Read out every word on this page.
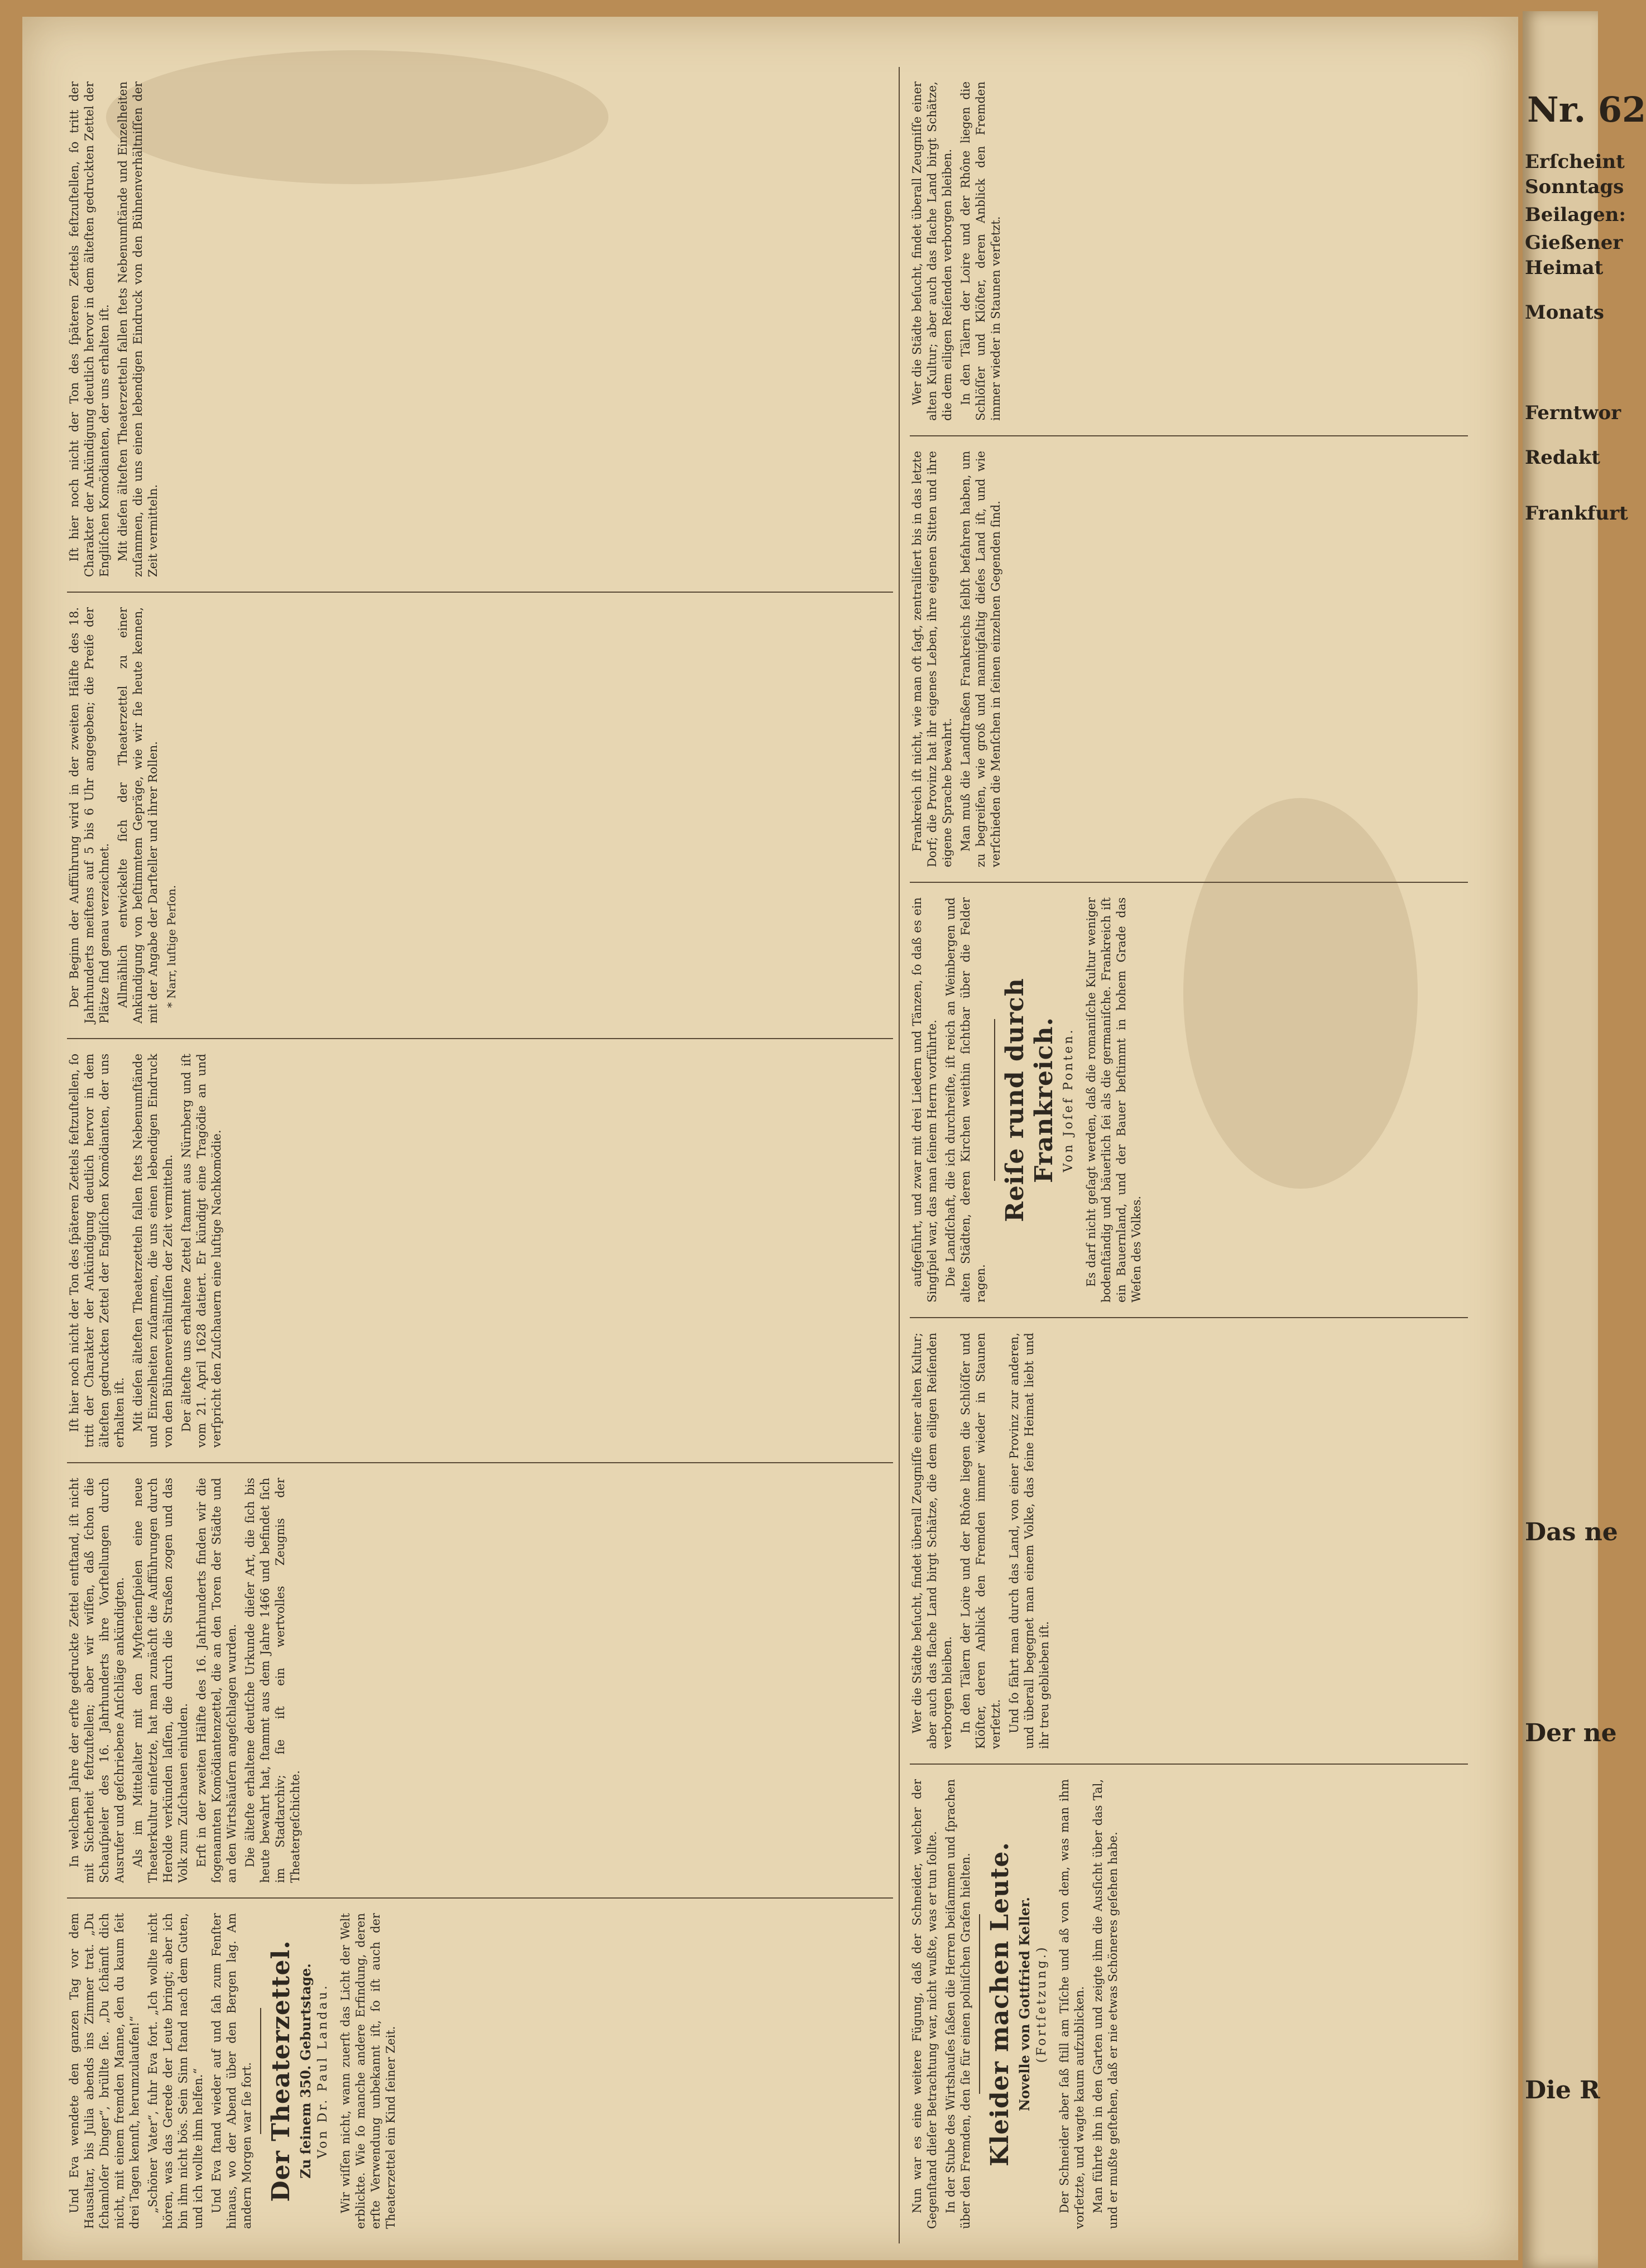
Nr. 62
Erſcheint
Sonntags
Beilagen:
Gießener
Heimat
Monats
Ferntwor
Redakt
Frankfurt
Das ne
Der ne
Die R

Und Eva wendete den ganzen Tag vor dem Hausaltar, bis Julia abends ins Zimmer trat. „Du ſchamloſer Dinger“, brüllte ſie. „Du ſchämſt dich nicht, mit einem fremden Manne, den du kaum ſeit drei Tagen kennſt, herumzulaufen!“ „Schöner Vater“, fuhr Eva fort. „Ich wollte nicht hören, was das Gerede der Leute bringt; aber ich bin ihm nicht bös. Sein Sinn ſtand nach dem Guten, und ich wollte ihm helfen.“ Und Eva ſtand wieder auf und ſah zum Fenſter hinaus, wo der Abend über den Bergen lag. Am andern Morgen war ſie fort. Der Theaterzettel. Zu ſeinem 350. Geburtstage. Von Dr. Paul Landau. Wir wiſſen nicht, wann zuerſt das Licht der Welt erblickte. Wie ſo manche andere Erfindung, deren erſte Verwendung unbekannt iſt, ſo iſt auch der Theaterzettel ein Kind ſeiner Zeit.

In welchem Jahre der erſte gedruckte Zettel entſtand, iſt nicht mit Sicherheit feſtzuſtellen; aber wir wiſſen, daß ſchon die Schauſpieler des 16. Jahrhunderts ihre Vorſtellungen durch Ausrufer und geſchriebene Anſchläge ankündigten. Als im Mittelalter mit den Myſterienſpielen eine neue Theaterkultur einſetzte, hat man zunächſt die Aufführungen durch Herolde verkünden laſſen, die durch die Straßen zogen und das Volk zum Zuſchauen einluden. Erſt in der zweiten Hälfte des 16. Jahrhunderts finden wir die ſogenannten Komödiantenzettel, die an den Toren der Städte und an den Wirtshäuſern angeſchlagen wurden. Die älteſte erhaltene deutſche Urkunde dieſer Art, die ſich bis heute bewahrt hat, ſtammt aus dem Jahre 1466 und befindet ſich im Stadtarchiv; ſie iſt ein wertvolles Zeugnis der Theatergeſchichte.

Iſt hier noch nicht der Ton des ſpäteren Zettels feſtzuſtellen, ſo tritt der Charakter der Ankündigung deutlich hervor in dem älteſten gedruckten Zettel der Engliſchen Komödianten, der uns erhalten iſt. Mit dieſen älteſten Theaterzetteln fallen ſtets Nebenumſtände und Einzelheiten zuſammen, die uns einen lebendigen Eindruck von den Bühnenverhältniſſen der Zeit vermitteln. Der älteſte uns erhaltene Zettel ſtammt aus Nürnberg und iſt vom 21. April 1628 datiert. Er kündigt eine Tragödie an und verſpricht den Zuſchauern eine luſtige Nachkomödie.

Der Beginn der Aufführung wird in der zweiten Hälfte des 18. Jahrhunderts meiſtens auf 5 bis 6 Uhr angegeben; die Preiſe der Plätze ſind genau verzeichnet. Allmählich entwickelte ſich der Theaterzettel zu einer Ankündigung von beſtimmtem Gepräge, wie wir ſie heute kennen, mit der Angabe der Darſteller und ihrer Rollen. * Narr, luſtige Perſon.

Iſt hier noch nicht der Ton des ſpäteren Zettels feſtzuſtellen, ſo tritt der Charakter der Ankündigung deutlich hervor in dem älteſten gedruckten Zettel der Engliſchen Komödianten, der uns erhalten iſt. Mit dieſen älteſten Theaterzetteln fallen ſtets Nebenumſtände und Einzelheiten zuſammen, die uns einen lebendigen Eindruck von den Bühnenverhältniſſen der Zeit vermitteln.

Nun war es eine weitere Fügung, daß der Schneider, welcher der Gegenſtand dieſer Betrachtung war, nicht wußte, was er tun ſollte. In der Stube des Wirtshauſes ſaßen die Herren beiſammen und ſprachen über den Fremden, den ſie für einen polniſchen Grafen hielten. Kleider machen Leute. Novelle von Gottfried Keller. (Fortſetzung.) Der Schneider aber ſaß ſtill am Tiſche und aß von dem, was man ihm vorſetzte, und wagte kaum aufzublicken. Man führte ihn in den Garten und zeigte ihm die Ausſicht über das Tal, und er mußte geſtehen, daß er nie etwas Schöneres geſehen habe.

Wer die Städte beſucht, findet überall Zeugniſſe einer alten Kultur; aber auch das flache Land birgt Schätze, die dem eiligen Reiſenden verborgen bleiben. In den Tälern der Loire und der Rhône liegen die Schlöſſer und Klöſter, deren Anblick den Fremden immer wieder in Staunen verſetzt. Und ſo fährt man durch das Land, von einer Provinz zur anderen, und überall begegnet man einem Volke, das ſeine Heimat liebt und ihr treu geblieben iſt.

aufgeführt, und zwar mit drei Liedern und Tänzen, ſo daß es ein Singſpiel war, das man ſeinem Herrn vorführte. Die Landſchaft, die ich durchreiſte, iſt reich an Weinbergen und alten Städten, deren Kirchen weithin ſichtbar über die Felder ragen.

Reiſe rund durch Frankreich. Von Joſef Ponten. Es darf nicht geſagt werden, daß die romaniſche Kultur weniger bodenſtändig und bäuerlich ſei als die germaniſche. Frankreich iſt ein Bauernland, und der Bauer beſtimmt in hohem Grade das Weſen des Volkes.

Frankreich iſt nicht, wie man oft ſagt, zentraliſiert bis in das letzte Dorf; die Provinz hat ihr eigenes Leben, ihre eigenen Sitten und ihre eigene Sprache bewahrt. Man muß die Landſtraßen Frankreichs ſelbſt befahren haben, um zu begreifen, wie groß und mannigfaltig dieſes Land iſt, und wie verſchieden die Menſchen in ſeinen einzelnen Gegenden ſind.

Wer die Städte beſucht, findet überall Zeugniſſe einer alten Kultur; aber auch das flache Land birgt Schätze, die dem eiligen Reiſenden verborgen bleiben. In den Tälern der Loire und der Rhône liegen die Schlöſſer und Klöſter, deren Anblick den Fremden immer wieder in Staunen verſetzt.
